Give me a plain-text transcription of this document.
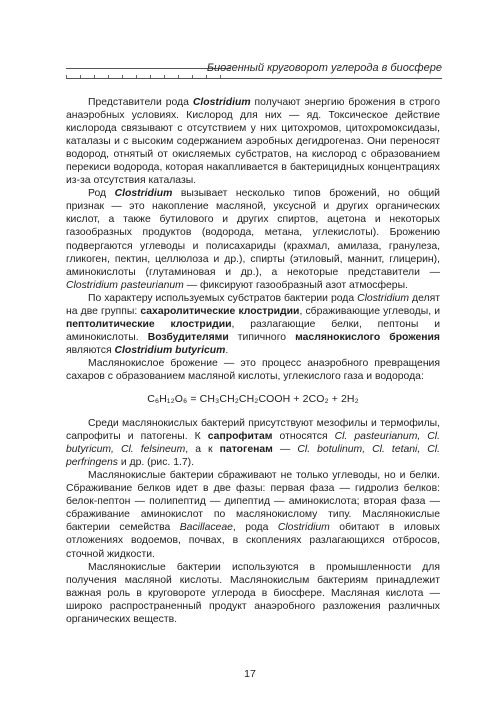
Биогенный круговорот углерода в биосфере

Представители рода Clostridium получают энергию брожения в строго анаэробных условиях. Кислород для них — яд. Токсическое действие кислорода связывают с отсутствием у них цитохромов, цитохромоксидазы, каталазы и с высоким содержанием аэробных дегидрогеназ. Они переносят водород, отнятый от окисляемых субстратов, на кислород с образованием перекиси водорода, которая накапливается в бактерицидных концентрациях из-за отсутствия каталазы.

Род Clostridium вызывает несколько типов брожений, но общий признак — это накопление масляной, уксусной и других органических кислот, а также бутилового и других спиртов, ацетона и некоторых газообразных продуктов (водорода, метана, углекислоты). Брожению подвергаются углеводы и полисахариды (крахмал, амилаза, гранулеза, гликоген, пектин, целлюлоза и др.), спирты (этиловый, маннит, глицерин), аминокислоты (глутаминовая и др.), а некоторые представители — Clostridium pasteurianum — фиксируют газообразный азот атмосферы.

По характеру используемых субстратов бактерии рода Clostridium делят на две группы: сахаролитические клостридии, сбраживающие углеводы, и пептолитические клостридии, разлагающие белки, пептоны и аминокислоты. Возбудителями типичного маслянокислого брожения являются Clostridium butyricum.

Маслянокислое брожение — это процесс анаэробного превращения сахаров с образованием масляной кислоты, углекислого газа и водорода:

C₆H₁₂O₆ = CH₃CH₂CH₂COOH + 2CO₂ + 2H₂

Среди маслянокислых бактерий присутствуют мезофилы и термофилы, сапрофиты и патогены. К сапрофитам относятся Cl. pasteurianum, Cl. butyricum, Cl. felsineum, а к патогенам — Cl. botulinum, Cl. tetani, Cl. perfringens и др. (рис. 1.7).

Маслянокислые бактерии сбраживают не только углеводы, но и белки. Сбраживание белков идет в две фазы: первая фаза — гидролиз белков: белок-пептон — полипептид — дипептид — аминокислота; вторая фаза — сбраживание аминокислот по маслянокислому типу. Маслянокислые бактерии семейства Bacillaceae, рода Clostridium обитают в иловых отложениях водоемов, почвах, в скоплениях разлагающихся отбросов, сточной жидкости.

Маслянокислые бактерии используются в промышленности для получения масляной кислоты. Маслянокислым бактериям принадлежит важная роль в круговороте углерода в биосфере. Масляная кислота — широко распространенный продукт анаэробного разложения различных органических веществ.

17
